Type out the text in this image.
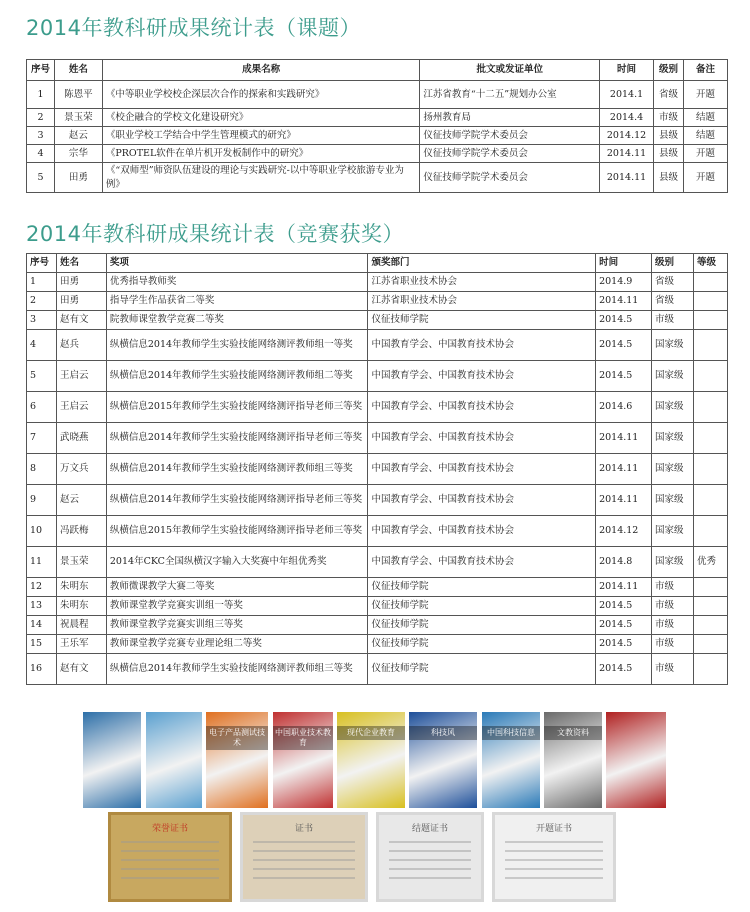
2014年教科研成果统计表（课题）
序号	姓名	成果名称	批文或发证单位	时间	级别	备注
1	陈恩平	《中等职业学校校企深层次合作的探索和实践研究》	江苏省教育“十二五”规划办公室	2014.1	省级	开题
2	景玉荣	《校企融合的学校文化建设研究》	扬州教育局	2014.4	市级	结题
3	赵云	《职业学校工学结合中学生管理模式的研究》	仪征技师学院学术委员会	2014.12	县级	结题
4	宗华	《PROTEL软件在单片机开发板制作中的研究》	仪征技师学院学术委员会	2014.11	县级	开题
5	田勇	《“双师型”师资队伍建设的理论与实践研究-以中等职业学校旅游专业为例》	仪征技师学院学术委员会	2014.11	县级	开题
2014年教科研成果统计表（竞赛获奖）
序号	姓名	奖项	颁奖部门	时间	级别	等级
1	田勇	优秀指导教师奖	江苏省职业技术协会	2014.9	省级	
2	田勇	指导学生作品获省二等奖	江苏省职业技术协会	2014.11	省级	
3	赵有文	院教师课堂教学竞赛二等奖	仪征技师学院	2014.5	市级	
4	赵兵	纵横信息2014年教师学生实验技能网络测评教师组一等奖	中国教育学会、中国教育技术协会	2014.5	国家级	
5	王启云	纵横信息2014年教师学生实验技能网络测评教师组二等奖	中国教育学会、中国教育技术协会	2014.5	国家级	
6	王启云	纵横信息2015年教师学生实验技能网络测评指导老师三等奖	中国教育学会、中国教育技术协会	2014.6	国家级	
7	武晓燕	纵横信息2014年教师学生实验技能网络测评指导老师三等奖	中国教育学会、中国教育技术协会	2014.11	国家级	
8	万文兵	纵横信息2014年教师学生实验技能网络测评教师组三等奖	中国教育学会、中国教育技术协会	2014.11	国家级	
9	赵云	纵横信息2014年教师学生实验技能网络测评指导老师三等奖	中国教育学会、中国教育技术协会	2014.11	国家级	
10	冯跃梅	纵横信息2015年教师学生实验技能网络测评指导老师三等奖	中国教育学会、中国教育技术协会	2014.12	国家级	
11	景玉荣	2014年CKC全国纵横汉字输入大奖赛中年组优秀奖	中国教育学会、中国教育技术协会	2014.8	国家级	优秀
12	朱明东	教师微课教学大赛二等奖	仪征技师学院	2014.11	市级	
13	朱明东	教师课堂教学竞赛实训组一等奖	仪征技师学院	2014.5	市级	
14	祝晨程	教师课堂教学竞赛实训组三等奖	仪征技师学院	2014.5	市级	
15	王乐军	教师课堂教学竞赛专业理论组二等奖	仪征技师学院	2014.5	市级	
16	赵有文	纵横信息2014年教师学生实验技能网络测评教师组三等奖	仪征技师学院	2014.5	市级	
电子产品测试技术
中国职业技术教育
现代企业教育	科技风	中国科技信息	文教资料
荣誉证书	证书	结题证书	开题证书
